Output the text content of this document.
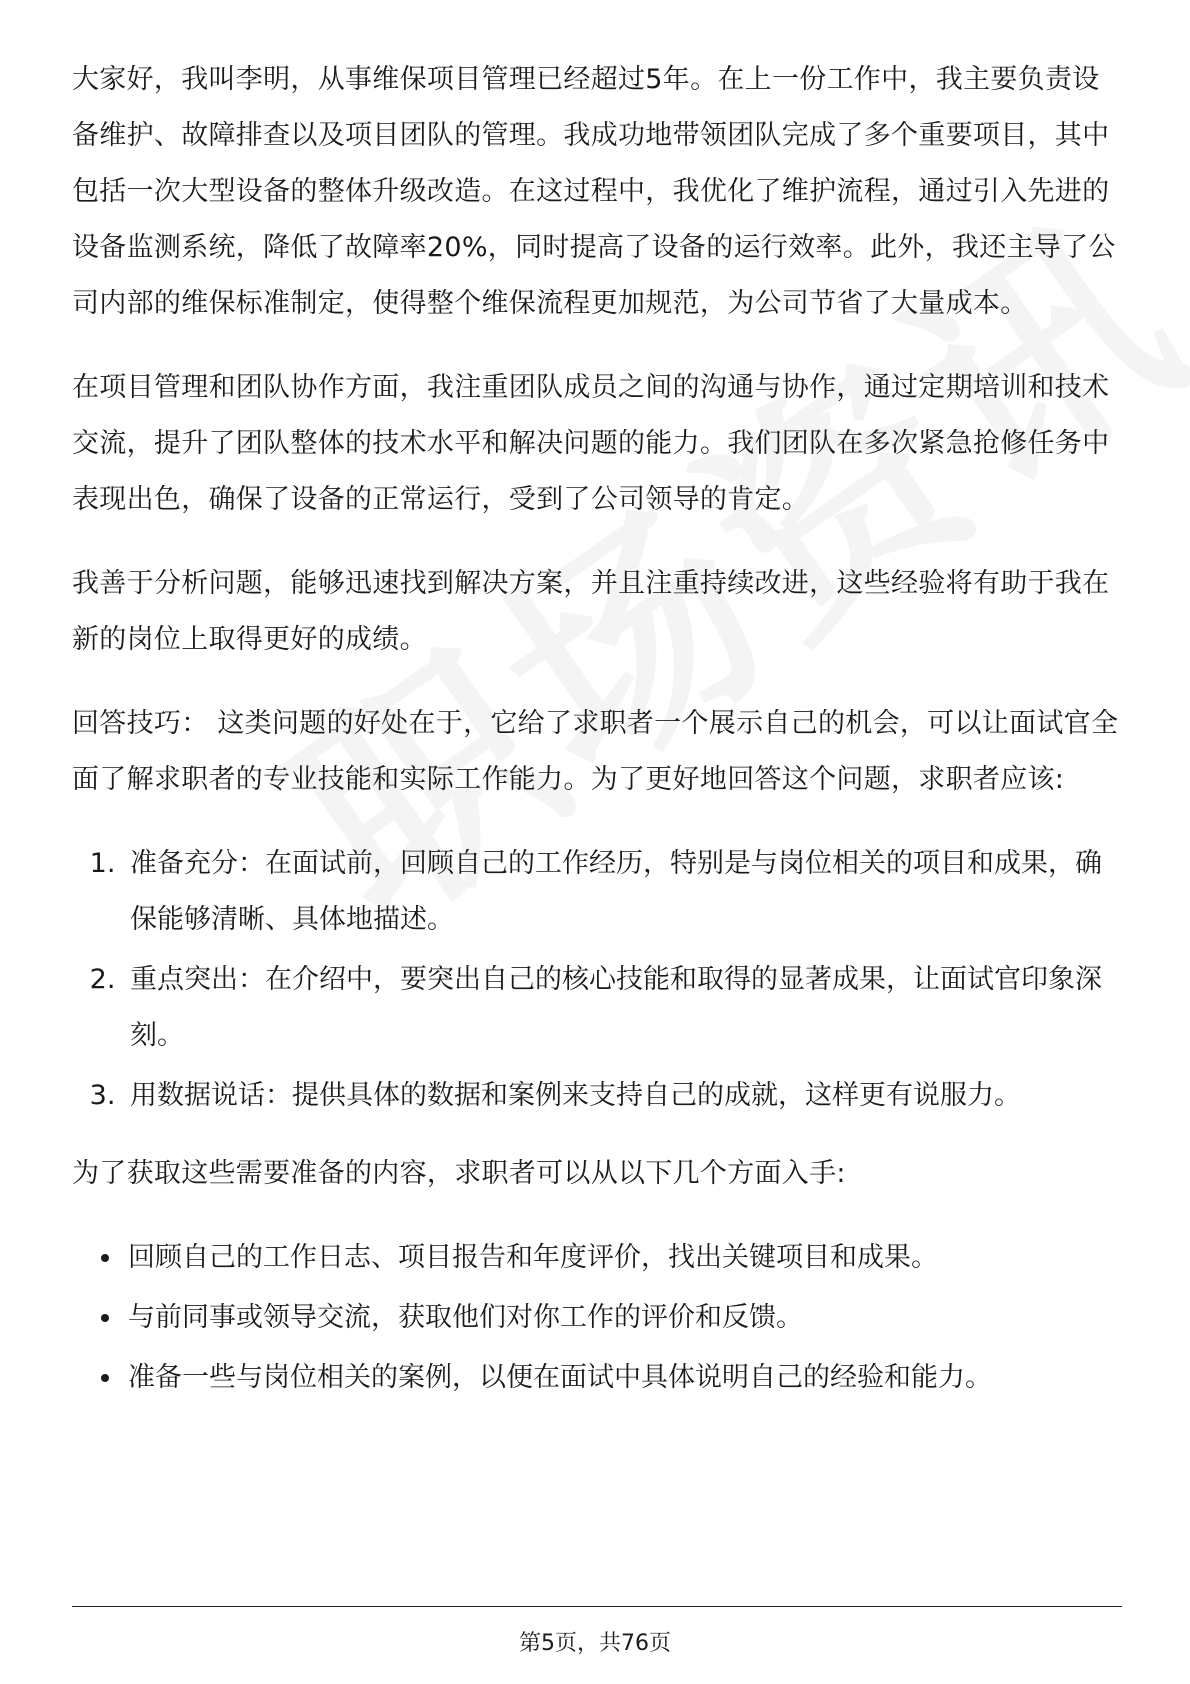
大家好，我叫李明，从事维保项目管理已经超过5年。在上一份工作中，我主要负责设备维护、故障排查以及项目团队的管理。我成功地带领团队完成了多个重要项目，其中包括一次大型设备的整体升级改造。在这过程中，我优化了维护流程，通过引入先进的设备监测系统，降低了故障率20%，同时提高了设备的运行效率。此外，我还主导了公司内部的维保标准制定，使得整个维保流程更加规范，为公司节省了大量成本。

在项目管理和团队协作方面，我注重团队成员之间的沟通与协作，通过定期培训和技术交流，提升了团队整体的技术水平和解决问题的能力。我们团队在多次紧急抢修任务中表现出色，确保了设备的正常运行，受到了公司领导的肯定。

我善于分析问题，能够迅速找到解决方案，并且注重持续改进，这些经验将有助于我在新的岗位上取得更好的成绩。

回答技巧： 这类问题的好处在于，它给了求职者一个展示自己的机会，可以让面试官全面了解求职者的专业技能和实际工作能力。为了更好地回答这个问题，求职者应该:

1. 准备充分：在面试前，回顾自己的工作经历，特别是与岗位相关的项目和成果，确保能够清晰、具体地描述。
2. 重点突出：在介绍中，要突出自己的核心技能和取得的显著成果，让面试官印象深刻。
3. 用数据说话：提供具体的数据和案例来支持自己的成就，这样更有说服力。

为了获取这些需要准备的内容，求职者可以从以下几个方面入手:

• 回顾自己的工作日志、项目报告和年度评价，找出关键项目和成果。
• 与前同事或领导交流，获取他们对你工作的评价和反馈。
• 准备一些与岗位相关的案例，以便在面试中具体说明自己的经验和能力。
第5页，共76页
